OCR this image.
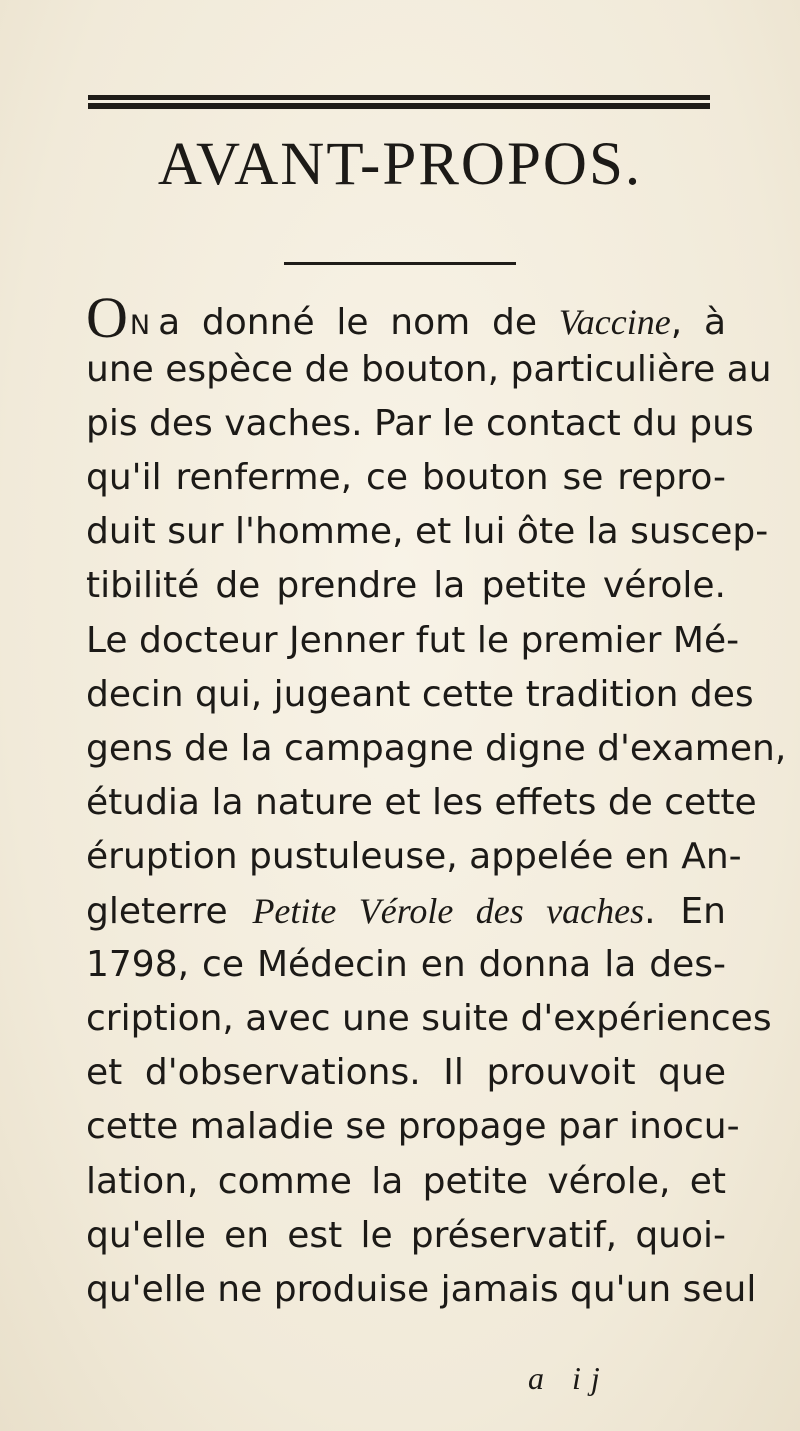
AVANT-PROPOS.
ON a donné le nom de Vaccine, à
une espèce de bouton, particulière au
pis des vaches. Par le contact du pus
qu'il renferme, ce bouton se repro-
duit sur l'homme, et lui ôte la suscep-
tibilité de prendre la petite vérole.
Le docteur Jenner fut le premier Mé-
decin qui, jugeant cette tradition des
gens de la campagne digne d'examen,
étudia la nature et les effets de cette
éruption pustuleuse, appelée en An-
gleterre Petite Vérole des vaches. En
1798, ce Médecin en donna la des-
cription, avec une suite d'expériences
et d'observations. Il prouvoit que
cette maladie se propage par inocu-
lation, comme la petite vérole, et
qu'elle en est le préservatif, quoi-
qu'elle ne produise jamais qu'un seul
a ij
